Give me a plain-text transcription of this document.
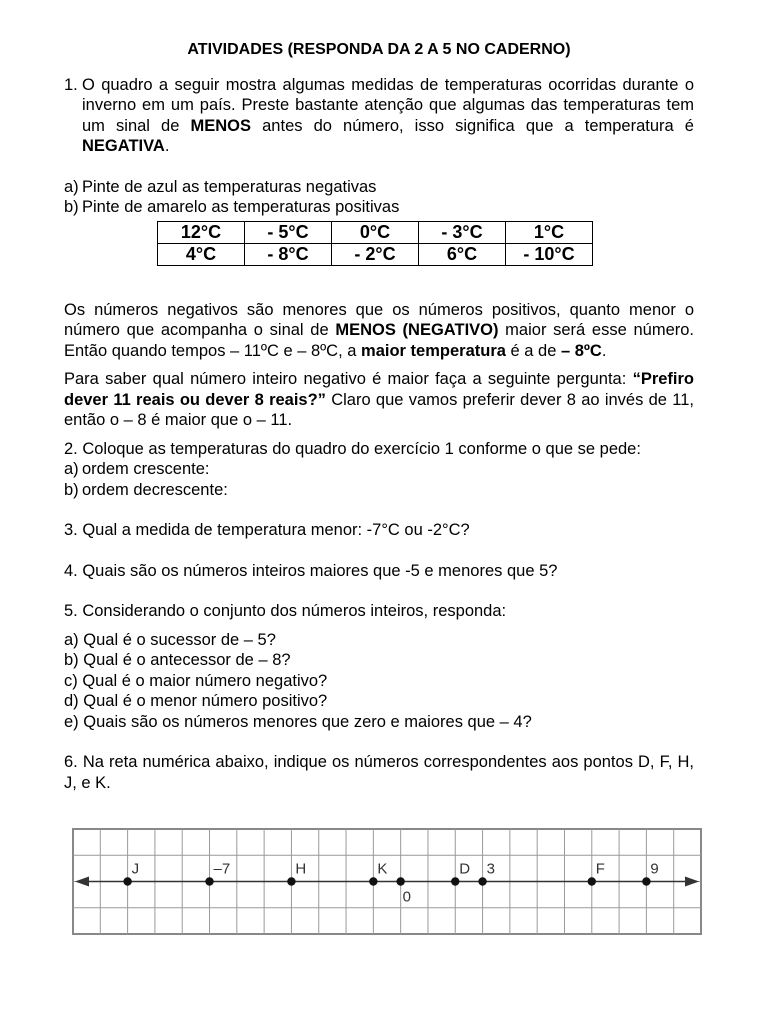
ATIVIDADES (RESPONDA DA 2 A 5 NO CADERNO)
1. O quadro a seguir mostra algumas medidas de temperaturas ocorridas durante o inverno em um país. Preste bastante atenção que algumas das temperaturas tem um sinal de MENOS antes do número, isso significa que a temperatura é NEGATIVA.
a) Pinte de azul as temperaturas negativas
b) Pinte de amarelo as temperaturas positivas
12°C	- 5°C	0°C	- 3°C	1°C
4°C	- 8°C	- 2°C	6°C	- 10°C

Os números negativos são menores que os números positivos, quanto menor o número que acompanha o sinal de MENOS (NEGATIVO) maior será esse número. Então quando tempos – 11ºC e – 8ºC, a maior temperatura é a de – 8ºC.

Para saber qual número inteiro negativo é maior faça a seguinte pergunta: “Prefiro dever 11 reais ou dever 8 reais?” Claro que vamos preferir dever 8 ao invés de 11, então o – 8 é maior que o – 11.

2. Coloque as temperaturas do quadro do exercício 1 conforme o que se pede:

a) ordem crescente:
b) ordem decrescente:

3. Qual a medida de temperatura menor: -7°C ou -2°C?

4. Quais são os números inteiros maiores que -5 e menores que 5?

5. Considerando o conjunto dos números inteiros, responda:

a) Qual é o sucessor de – 5?

b) Qual é o antecessor de – 8?

c) Qual é o maior número negativo?

d) Qual é o menor número positivo?

e) Quais são os números menores que zero e maiores que – 4?

6. Na reta numérica abaixo, indique os números correspondentes aos pontos D, F, H, J, e K.

J	–7	H	K
0
D 3	F	9
